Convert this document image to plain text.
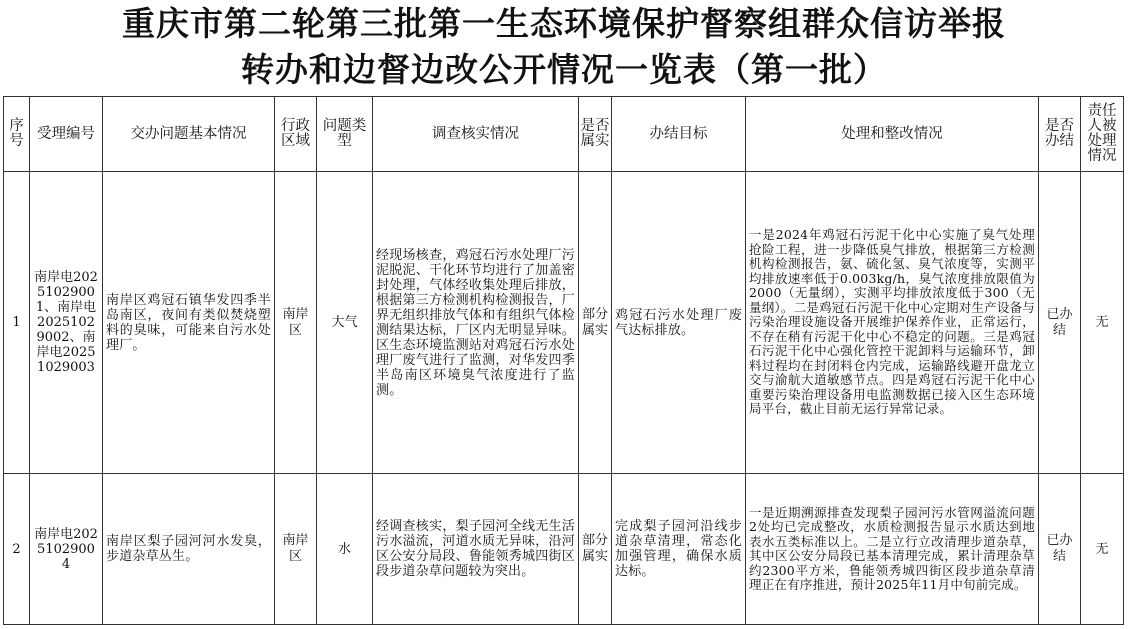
重庆市第二轮第三批第一生态环境保护督察组群众信访举报
转办和边督边改公开情况一览表（第一批）
序号	受理编号	交办问题基本情况	行政区域	问题类型	调查核实情况	是否属实	办结目标	处理和整改情况	是否办结	责任人被处理情况
1	南岸电20251029001、南岸电20251029002、南岸电20251029003	南岸区鸡冠石镇华发四季半岛南区，夜间有类似焚烧塑料的臭味，可能来自污水处理厂。	南岸区	大气	经现场核查，鸡冠石污水处理厂污泥脱泥、干化环节均进行了加盖密封处理，气体经收集处理后排放，根据第三方检测机构检测报告，厂界无组织排放气体和有组织气体检测结果达标，厂区内无明显异味。区生态环境监测站对鸡冠石污水处理厂废气进行了监测，对华发四季半岛南区环境臭气浓度进行了监测。	部分属实	鸡冠石污水处理厂废气达标排放。	一是2024年鸡冠石污泥干化中心实施了臭气处理抢险工程，进一步降低臭气排放，根据第三方检测机构检测报告，氨、硫化氢、臭气浓度等，实测平均排放速率低于0.003kg/h，臭气浓度排放限值为2000（无量纲），实测平均排放浓度低于300（无量纲）。二是鸡冠石污泥干化中心定期对生产设备与污染治理设施设备开展维护保养作业，正常运行，不存在稍有污泥干化中心不稳定的问题。三是鸡冠石污泥干化中心强化管控干泥卸料与运输环节，卸料过程均在封闭料仓内完成，运输路线避开盘龙立交与渝航大道敏感节点。四是鸡冠石污泥干化中心重要污染治理设备用电监测数据已接入区生态环境局平台，截止目前无运行异常记录。	已办结	无
2	南岸电20251029004	南岸区梨子园河河水发臭，步道杂草丛生。	南岸区	水	经调查核实，梨子园河全线无生活污水溢流，河道水质无异味，沿河区公安分局段、鲁能领秀城四街区段步道杂草问题较为突出。	部分属实	完成梨子园河沿线步道杂草清理，常态化加强管理，确保水质达标。	一是近期溯源排查发现梨子园河污水管网溢流问题2处均已完成整改，水质检测报告显示水质达到地表水五类标准以上。二是立行立改清理步道杂草，其中区公安分局段已基本清理完成，累计清理杂草约2300平方米，鲁能领秀城四街区段步道杂草清理正在有序推进，预计2025年11月中旬前完成。	已办结	无
